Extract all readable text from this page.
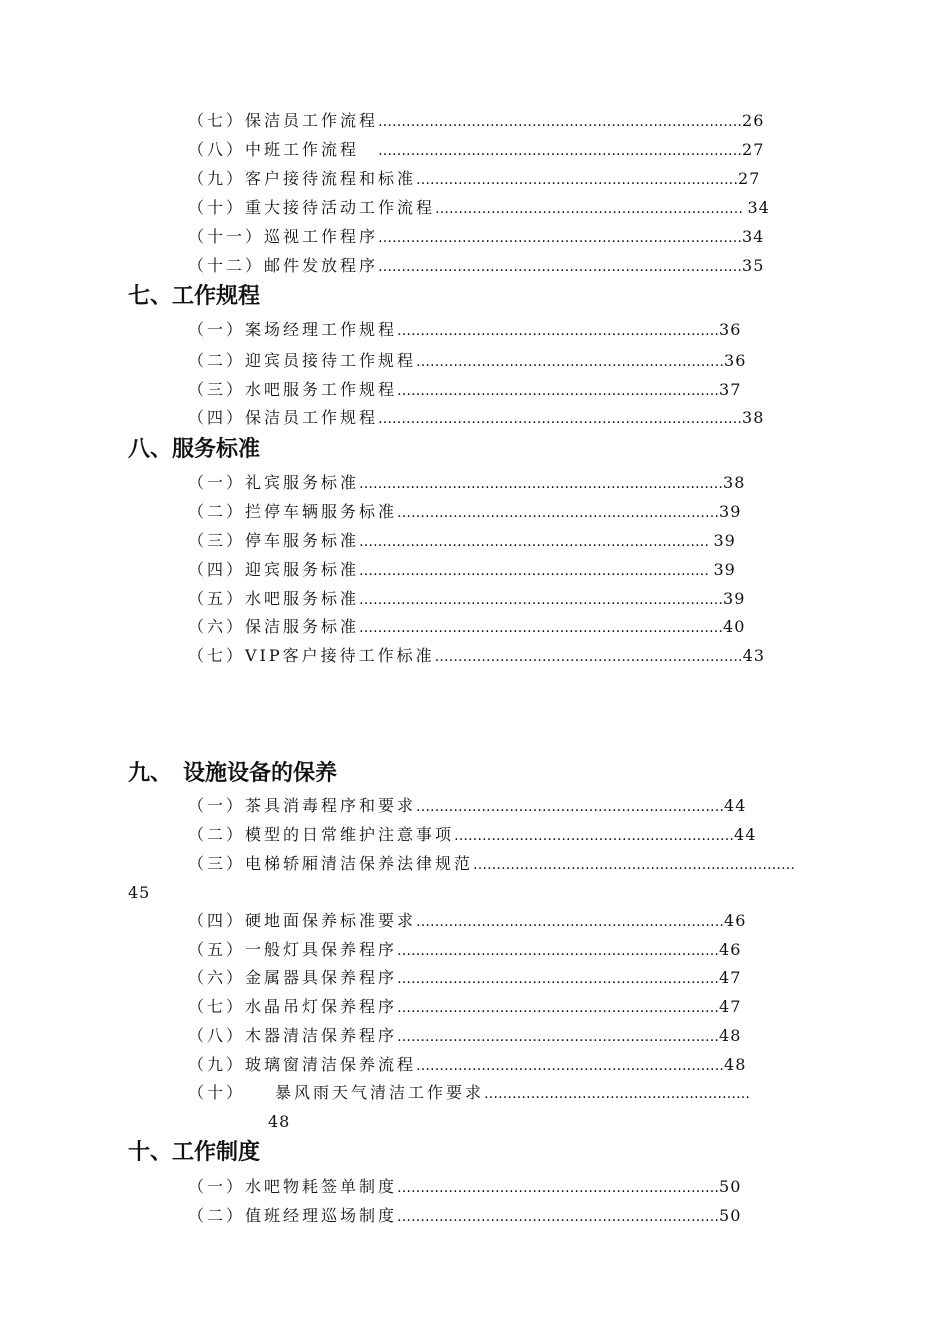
（七）保洁员工作流程……………………………………………………………………26
（八）中班工作流程　……………………………………………………………………27
（九）客户接待流程和标准……………………………………………………………27
（十）重大接待活动工作流程………………………………………………………… 34
（十一）巡视工作程序……………………………………………………………………34
（十二）邮件发放程序……………………………………………………………………35
七、工作规程
（一）案场经理工作规程……………………………………………………………36
（二）迎宾员接待工作规程…………………………………………………………36
（三）水吧服务工作规程……………………………………………………………37
（四）保洁员工作规程……………………………………………………………………38
八、服务标准
（一）礼宾服务标准……………………………………………………………………38
（二）拦停车辆服务标准……………………………………………………………39
（三）停车服务标准………………………………………………………………… 39
（四）迎宾服务标准………………………………………………………………… 39
（五）水吧服务标准……………………………………………………………………39
（六）保洁服务标准……………………………………………………………………40
（七）VIP客户接待工作标准…………………………………………………………43
九、　设施设备的保养
（一）茶具消毒程序和要求…………………………………………………………44
（二）模型的日常维护注意事项……………………………………………………44
（三）电梯轿厢清洁保养法律规范……………………………………………………………
45
（四）硬地面保养标准要求…………………………………………………………46
（五）一般灯具保养程序……………………………………………………………46
（六）金属器具保养程序……………………………………………………………47
（七）水晶吊灯保养程序……………………………………………………………47
（八）木器清洁保养程序……………………………………………………………48
（九）玻璃窗清洁保养流程…………………………………………………………48
（十）　　暴风雨天气清洁工作要求…………………………………………………
48
十、工作制度
（一）水吧物耗签单制度……………………………………………………………50
（二）值班经理巡场制度……………………………………………………………50
